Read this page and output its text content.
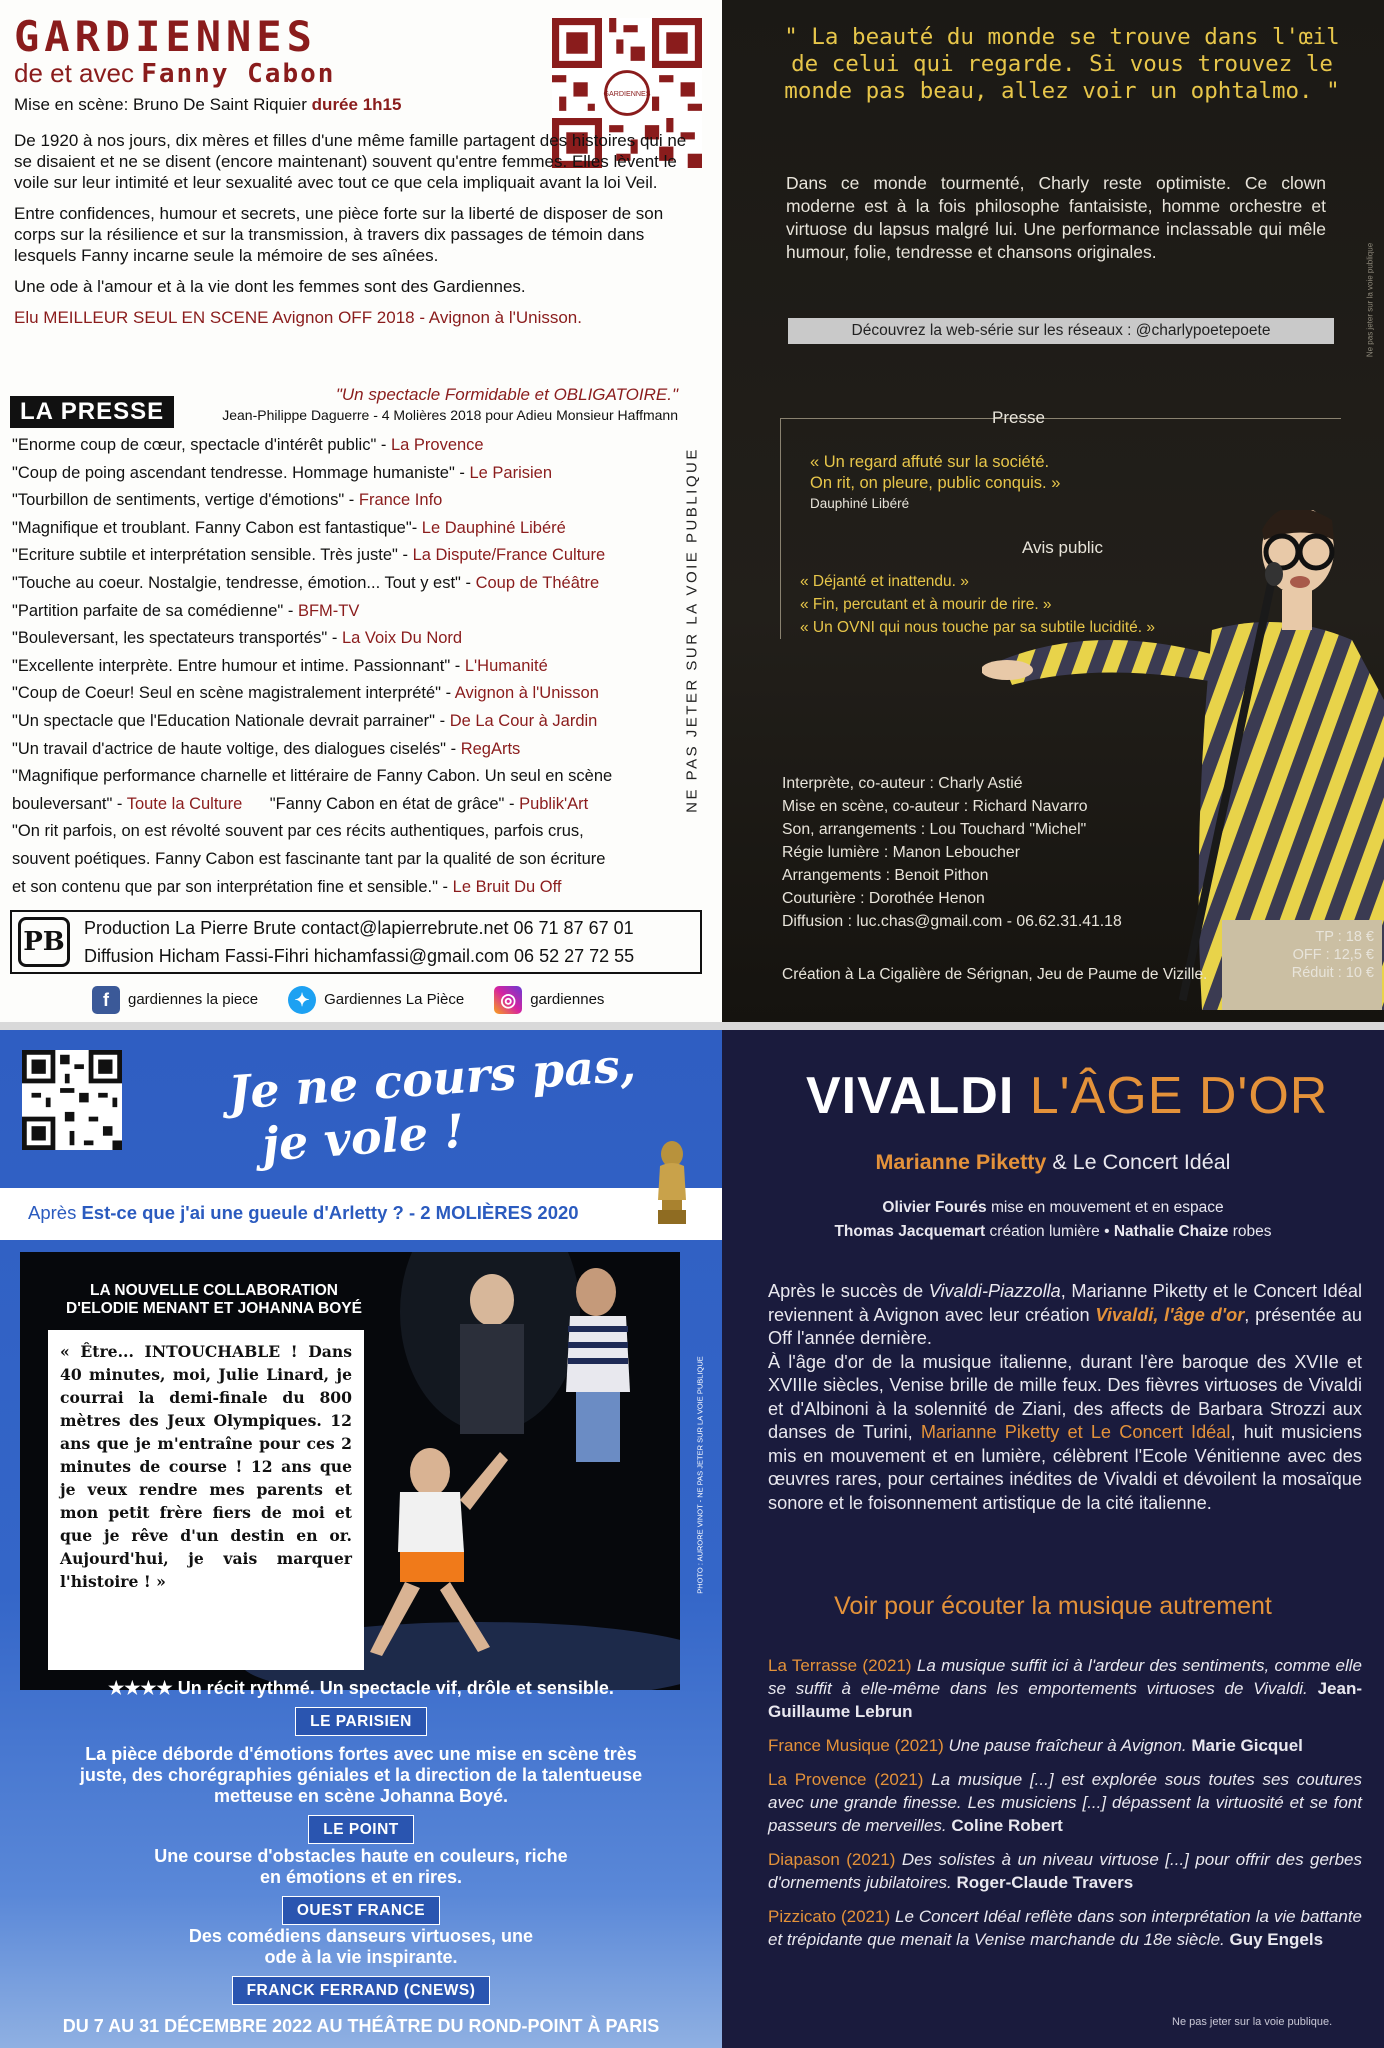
GARDIENNES
de et avec Fanny Cabon
Mise en scène: Bruno De Saint Riquier durée 1h15
GARDIENNES

De 1920 à nos jours, dix mères et filles d'une même famille partagent des histoires qui ne se disaient et ne se disent (encore maintenant) souvent qu'entre femmes. Elles lèvent le voile sur leur intimité et leur sexualité avec tout ce que cela impliquait avant la loi Veil.

Entre confidences, humour et secrets, une pièce forte sur la liberté de disposer de son corps sur la résilience et sur la transmission, à travers dix passages de témoin dans lesquels Fanny incarne seule la mémoire de ses aînées.

Une ode à l'amour et à la vie dont les femmes sont des Gardiennes.

Elu MEILLEUR SEUL EN SCENE Avignon OFF 2018 - Avignon à l'Unisson.

LA PRESSE
"Un spectacle Formidable et OBLIGATOIRE."
Jean-Philippe Daguerre - 4 Molières 2018 pour Adieu Monsieur Haffmann
"Enorme coup de cœur, spectacle d'intérêt public" - La Provence
"Coup de poing ascendant tendresse. Hommage humaniste" - Le Parisien
"Tourbillon de sentiments, vertige d'émotions" - France Info
"Magnifique et troublant. Fanny Cabon est fantastique"- Le Dauphiné Libéré
"Ecriture subtile et interprétation sensible. Très juste" - La Dispute/France Culture
"Touche au coeur. Nostalgie, tendresse, émotion... Tout y est" - Coup de Théâtre
"Partition parfaite de sa comédienne" - BFM-TV
"Bouleversant, les spectateurs transportés" - La Voix Du Nord
"Excellente interprète. Entre humour et intime. Passionnant" - L'Humanité
"Coup de Coeur! Seul en scène magistralement interprété" - Avignon à l'Unisson
"Un spectacle que l'Education Nationale devrait parrainer" - De La Cour à Jardin
"Un travail d'actrice de haute voltige, des dialogues ciselés" - RegArts
"Magnifique performance charnelle et littéraire de Fanny Cabon. Un seul en scène
bouleversant" - Toute la Culture      "Fanny Cabon en état de grâce" - Publik'Art
"On rit parfois, on est révolté souvent par ces récits authentiques, parfois crus,
souvent poétiques. Fanny Cabon est fascinante tant par la qualité de son écriture
et son contenu que par son interprétation fine et sensible." - Le Bruit Du Off
NE PAS JETER SUR LA VOIE PUBLIQUE
PB Production La Pierre Brute contact@lapierrebrute.net 06 71 87 67 01
Diffusion Hicham Fassi-Fihri hichamfassi@gmail.com 06 52 27 72 55
f gardiennes la piece	✦ Gardiennes La Pièce	◎ gardiennes
" La beauté du monde se trouve dans l'œil de celui qui regarde. Si vous trouvez le monde pas beau, allez voir un ophtalmo. "
Dans ce monde tourmenté, Charly reste optimiste. Ce clown moderne est à la fois philosophe fantaisiste, homme orchestre et virtuose du lapsus malgré lui. Une performance inclassable qui mêle humour, folie, tendresse et chansons originales.
Découvrez la web-série sur les réseaux : @charlypoetepoete
Presse
« Un regard affuté sur la société.
On rit, on pleure, public conquis. »
Dauphiné Libéré
Avis public
« Déjanté et inattendu. »
« Fin, percutant et à mourir de rire. »
« Un OVNI qui nous touche par sa subtile lucidité. »
Interprète, co-auteur : Charly Astié
Mise en scène, co-auteur : Richard Navarro
Son, arrangements : Lou Touchard "Michel"
Régie lumière : Manon Leboucher
Arrangements : Benoit Pithon
Couturière : Dorothée Henon
Diffusion : luc.chas@gmail.com - 06.62.31.41.18
TP : 18 €
OFF : 12,5 €
Réduit : 10 €
Création à La Cigalière de Sérignan, Jeu de Paume de Vizille.
Ne pas jeter sur la voie publique
Je ne cours pas,
je vole !
Après Est-ce que j'ai une gueule d'Arletty ? - 2 MOLIÈRES 2020
LA NOUVELLE COLLABORATION D'ELODIE MENANT ET JOHANNA BOYÉ
« Être... INTOUCHABLE ! Dans 40 minutes, moi, Julie Linard, je courrai la demi-finale du 800 mètres des Jeux Olympiques. 12 ans que je m'entraîne pour ces 2 minutes de course ! 12 ans que je veux rendre mes parents et mon petit frère fiers de moi et que je rêve d'un destin en or. Aujourd'hui, je vais marquer l'histoire ! »	PHOTO : AURORE VINOT - NE PAS JETER SUR LA VOIE PUBLIQUE
★★★★ Un récit rythmé. Un spectacle vif, drôle et sensible.
LE PARISIEN
La pièce déborde d'émotions fortes avec une mise en scène très juste, des chorégraphies géniales et la direction de la talentueuse metteuse en scène Johanna Boyé.
LE POINT
Une course d'obstacles haute en couleurs, riche en émotions et en rires.
OUEST FRANCE
Des comédiens danseurs virtuoses, une ode à la vie inspirante.
FRANCK FERRAND (CNEWS)
DU 7 AU 31 DÉCEMBRE 2022 AU THÉÂTRE DU ROND-POINT À PARIS
VIVALDI L'ÂGE D'OR
Marianne Piketty & Le Concert Idéal
Olivier Fourés mise en mouvement et en espace
Thomas Jacquemart création lumière • Nathalie Chaize robes
Après le succès de Vivaldi-Piazzolla, Marianne Piketty et le Concert Idéal reviennent à Avignon avec leur création Vivaldi, l'âge d'or, présentée au Off l'année dernière.
À l'âge d'or de la musique italienne, durant l'ère baroque des XVIIe et XVIIIe siècles, Venise brille de mille feux. Des fièvres virtuoses de Vivaldi et d'Albinoni à la solennité de Ziani, des affects de Barbara Strozzi aux danses de Turini, Marianne Piketty et Le Concert Idéal, huit musiciens mis en mouvement et en lumière, célèbrent l'Ecole Vénitienne avec des œuvres rares, pour certaines inédites de Vivaldi et dévoilent la mosaïque sonore et le foisonnement artistique de la cité italienne.
Voir pour écouter la musique autrement

La Terrasse (2021) La musique suffit ici à l'ardeur des sentiments, comme elle se suffit à elle-même dans les emportements virtuoses de Vivaldi. Jean-Guillaume Lebrun

France Musique (2021) Une pause fraîcheur à Avignon. Marie Gicquel

La Provence (2021) La musique [...] est explorée sous toutes ses coutures avec une grande finesse. Les musiciens [...] dépassent la virtuosité et se font passeurs de merveilles. Coline Robert

Diapason (2021) Des solistes à un niveau virtuose [...] pour offrir des gerbes d'ornements jubilatoires. Roger-Claude Travers

Pizzicato (2021) Le Concert Idéal reflète dans son interprétation la vie battante et trépidante que menait la Venise marchande du 18e siècle. Guy Engels

Ne pas jeter sur la voie publique.
